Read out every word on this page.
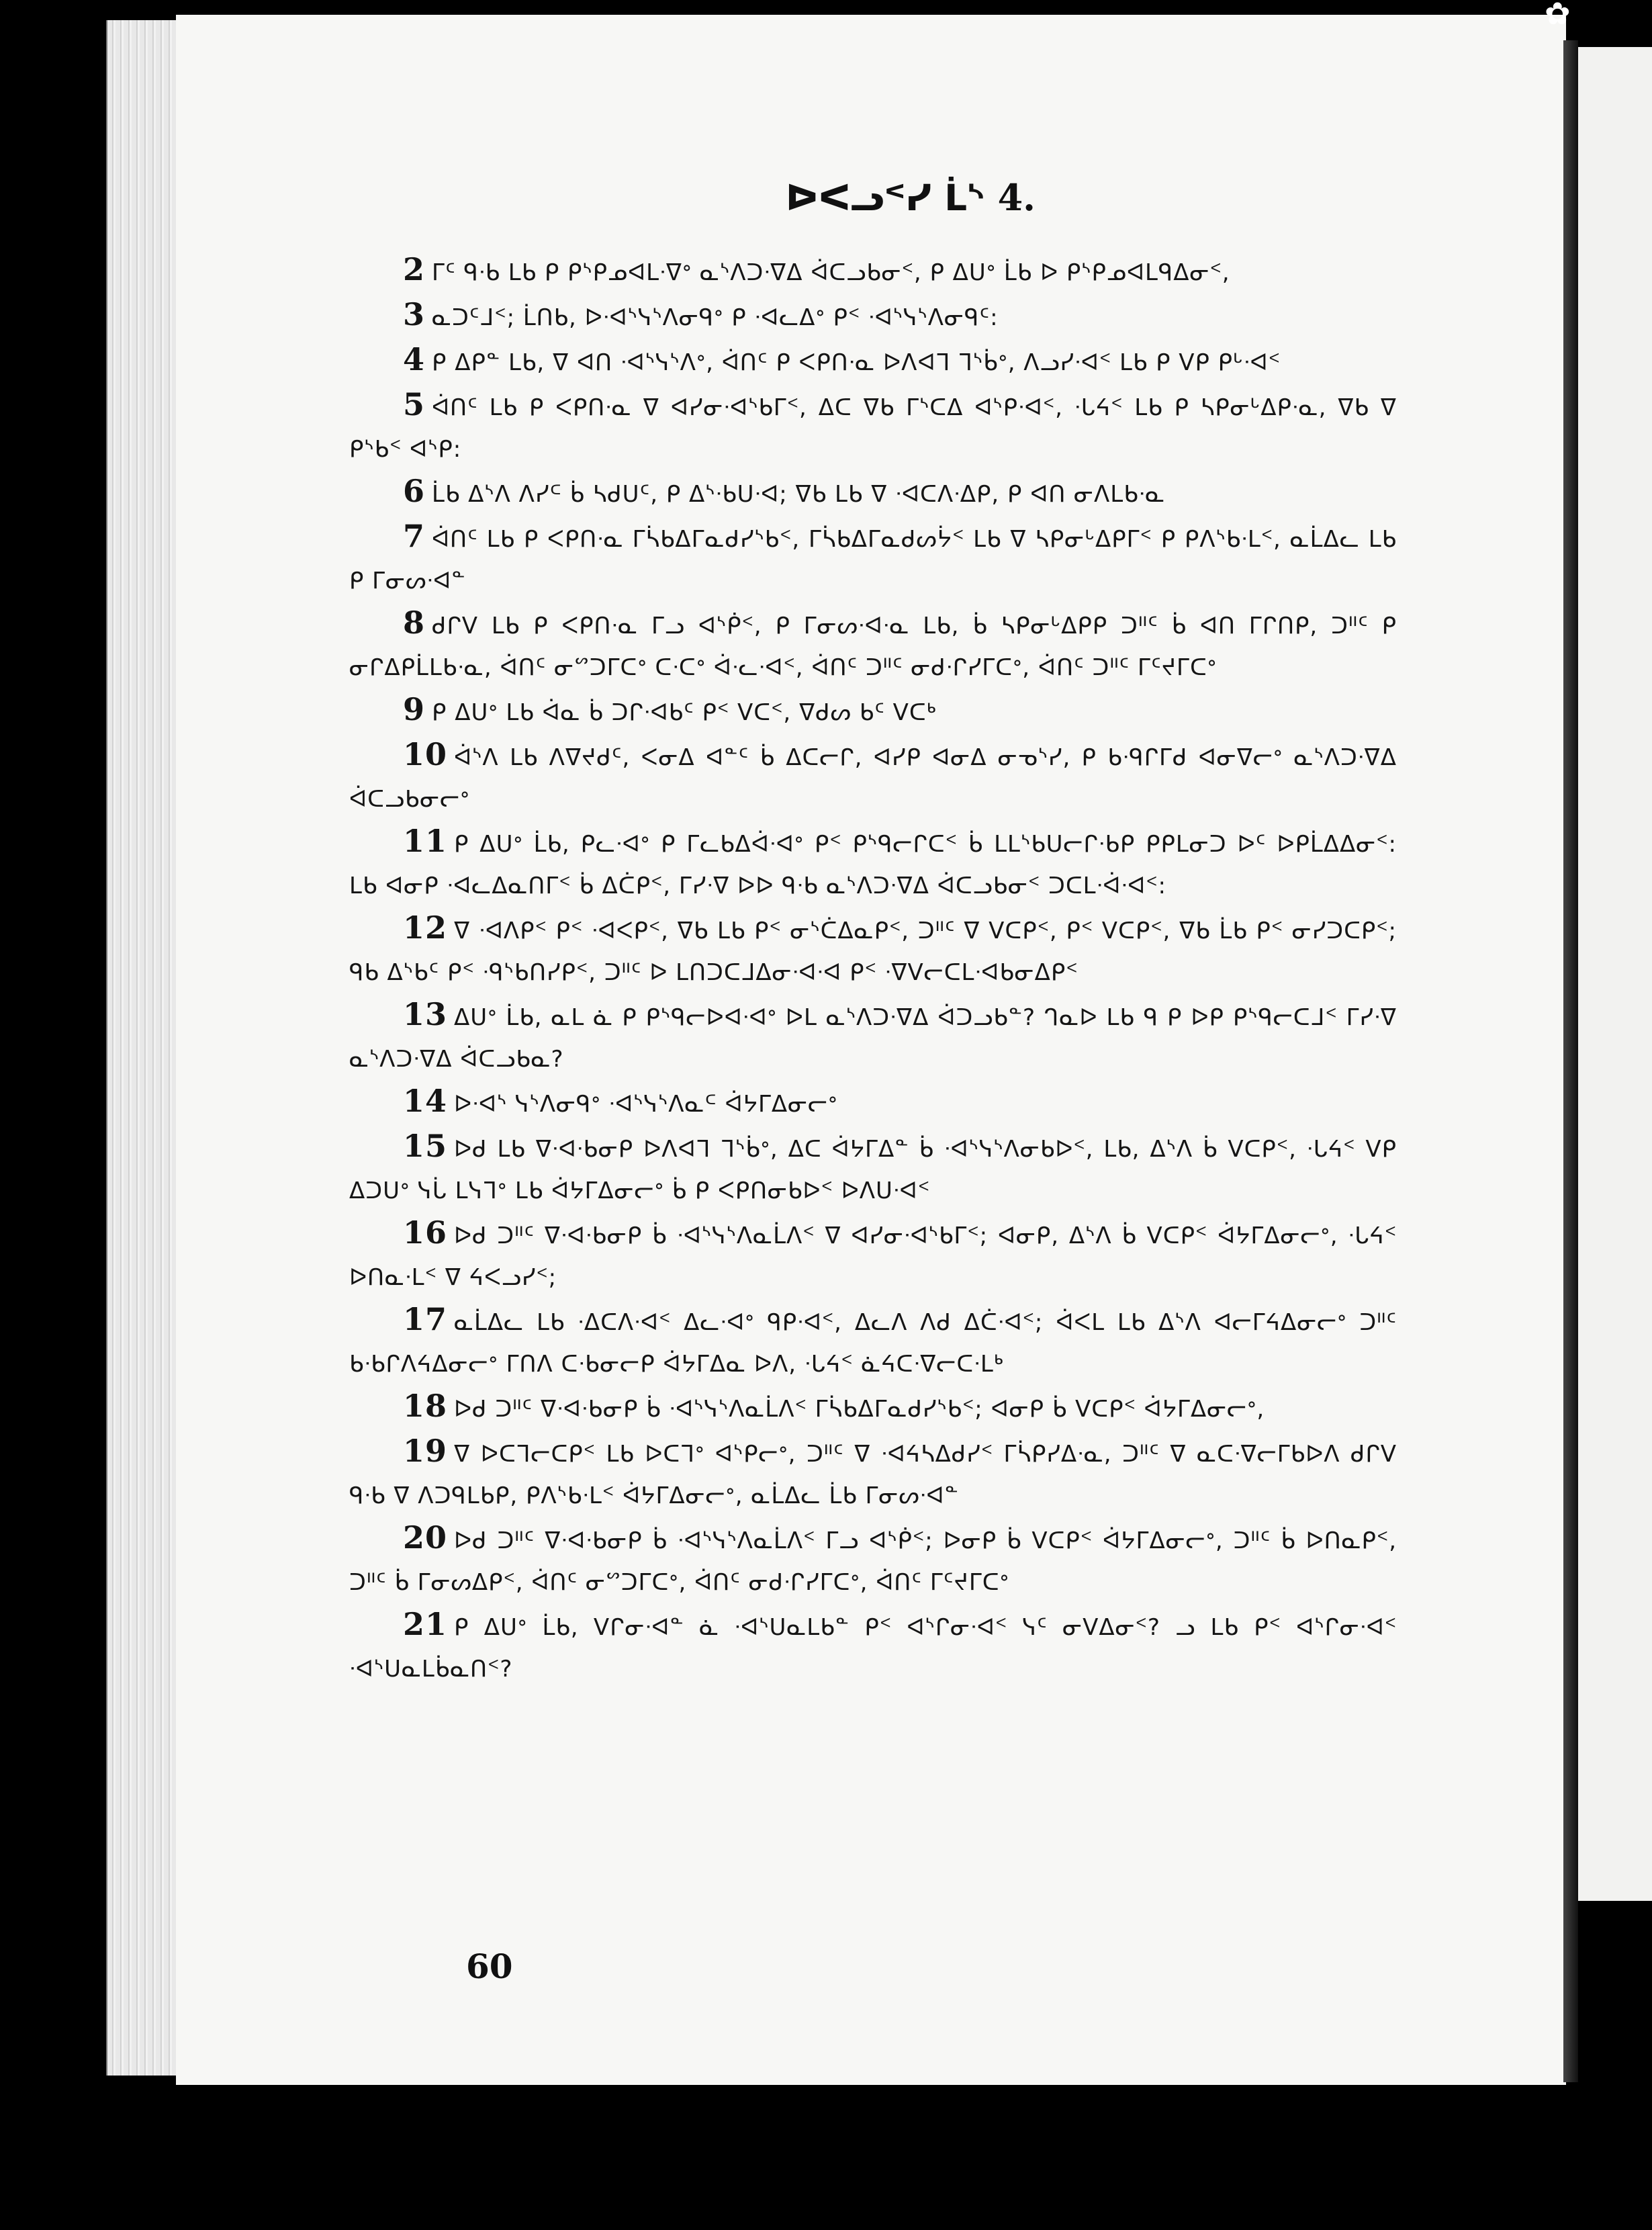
✿
ᐅᐸᓗᑉᓯ ᒫᔅ 4.

2 ᒥᑦ ᑫᐧᑲ ᒪᑲ ᑭ ᑭᔅᑭᓄᐊᒪᐧᐁᐤ ᓇᔅᐱᑐᐧᐁᐃ ᐋᑕᓗᑲᓂᑉ, ᑭ ᐃᑌᐤ ᒫᑲ ᐅ ᑭᔅᑭᓄᐊᒪᑫᐃᓂᑉ,

3 ᓇᑐᑦᒧᑉ; ᒫᑎᑲ, ᐅᐧᐊᔅᓭᔅᐱᓂᑫᐤ ᑭ ᐧᐊᓚᐃᐤ ᑭᑉ ᐧᐊᔅᓭᔅᐱᓂᑫᑦ:

4 ᑭ ᐃᑭᓐ ᒪᑲ, ᐁ ᐊᑎ ᐧᐊᔅᓭᔅᐱᐤ, ᐋᑎᑦ ᑭ ᐸᑭᑎᐧᓇ ᐅᐱᐊᒣ ᒣᔅᑳᐤ, ᐱᓗᓯᐧᐊᑉ ᒪᑲ ᑭ ᐯᑭ ᑭᒡᐧᐊᑉ

5 ᐋᑎᑦ ᒪᑲ ᑭ ᐸᑭᑎᐧᓇ ᐁ ᐊᓯᓂᐧᐊᔅᑲᒥᑉ, ᐃᑕ ᐁᑲ ᒥᔅᑕᐃ ᐊᔅᑭᐧᐊᑉ, ᐧᒐᔦᑉ ᒪᑲ ᑭ ᓴᑭᓂᒡᐃᑭᐧᓇ, ᐁᑲ ᐁ ᑭᔅᑲᑉ ᐊᔅᑭ:

6 ᒫᑲ ᐃᔅᐱ ᐱᓯᒼ ᑳ ᓴᑯᑌᑦ, ᑭ ᐃᔅᐧᑲᑌᐧᐊ; ᐁᑲ ᒪᑲ ᐁ ᐧᐊᑕᐱᐧᐃᑭ, ᑭ ᐊᑎ ᓂᐱᒪᑲᐧᓇ

7 ᐋᑎᑦ ᒪᑲ ᑭ ᐸᑭᑎᐧᓇ ᒥᓵᑲᐃᒥᓇᑯᓯᔅᑲᑉ, ᒥᓵᑲᐃᒥᓇᑯᔕᔮᑉ ᒪᑲ ᐁ ᓴᑭᓂᒡᐃᑭᒥᑉ ᑭ ᑭᐱᔅᑲᐧᒪᑉ, ᓇᒫᐃᓚ ᒪᑲ ᑭ ᒥᓂᔕᐧᐊᓐ

8 ᑯᒋᐯ ᒪᑲ ᑭ ᐸᑭᑎᐧᓇ ᒥᓗ ᐊᔅᑮᑉ, ᑭ ᒥᓂᔕᐧᐊᐧᓇ ᒪᑲ, ᑳ ᓴᑭᓂᒡᐃᑭᑭ ᑐᐦᑦ ᑳ ᐊᑎ ᒥᒋᑎᑭ, ᑐᐦᑦ ᑭ ᓂᒋᐃᑭᒫᒪᑲᐧᓇ, ᐋᑎᑦ ᓂᔥᑐᒥᑕᐤ ᑕᐧᑕᐤ ᐋᐧᓚᐧᐊᑉ, ᐋᑎᑦ ᑐᐦᑦ ᓂᑯᐧᒋᓯᒥᑕᐤ, ᐋᑎᑦ ᑐᐦᑦ ᒥᑦᔪᒥᑕᐤ

9 ᑭ ᐃᑌᐤ ᒪᑲ ᐋᓇ ᑳ ᑐᒋᐧᐊᑲᑦ ᑭᑉ ᐯᑕᑉ, ᐁᑯᔕ ᑲᑦ ᐯᑕᒃ

10 ᐋᔅᐱ ᒪᑲ ᐱᐁᔪᑯᑦ, ᐸᓂᐃ ᐊᓐᑦ ᑳ ᐃᑕᓕᒋ, ᐊᓯᑭ ᐊᓂᐃ ᓂᓀᔅᓯ, ᑭ ᑲᐧᑫᒋᒥᑯ ᐊᓂᐁᓕᐤ ᓇᔅᐱᑐᐧᐁᐃ ᐋᑕᓗᑲᓂᓕᐤ

11 ᑭ ᐃᑌᐤ ᒫᑲ, ᑭᓚᐧᐊᐤ ᑭ ᒥᓚᑲᐃᐋᐧᐊᐤ ᑭᑉ ᑭᔅᑫᓕᒋᑕᑉ ᑳ ᒪᒪᔅᑲᑌᓕᒋᐧᑲᑭ ᑭᑭᒪᓂᑐ ᐅᑦ ᐅᑭᒫᐃᐃᓂᑉ: ᒪᑲ ᐊᓂᑭ ᐧᐊᓚᐃᓇᑎᒥᑉ ᑳ ᐃᑖᑭᑉ, ᒥᓯᐧᐁ ᐅᐅ ᑫᐧᑲ ᓇᔅᐱᑐᐧᐁᐃ ᐋᑕᓗᑲᓂᑉ ᑐᑕᒪᐧᐋᐧᐊᑉ:

12 ᐁ ᐧᐊᐱᑭᑉ ᑭᑉ ᐧᐊᐸᑭᑉ, ᐁᑲ ᒪᑲ ᑭᑉ ᓂᔅᑖᐃᓇᑭᑉ, ᑐᐦᑦ ᐁ ᐯᑕᑭᑉ, ᑭᑉ ᐯᑕᑭᑉ, ᐁᑲ ᒫᑲ ᑭᑉ ᓂᓯᑐᑕᑭᑉ; ᑫᑲ ᐃᔅᑲᑦ ᑭᑉ ᐧᑫᔅᑲᑎᓯᑭᑉ, ᑐᐦᑦ ᐅ ᒪᑎᑐᑕᒧᐃᓂᐧᐊᐧᐊ ᑭᑉ ᐧᐁᐯᓕᑕᒪᐧᐊᑲᓂᐃᑭᑉ

13 ᐃᑌᐤ ᒫᑲ, ᓇᒪ ᓈ ᑭ ᑭᔅᑫᓕᐅᐊᐧᐊᐤ ᐅᒪ ᓇᔅᐱᑐᐧᐁᐃ ᐋᑐᓗᑲᓐ? ᒉᓇᐅ ᒪᑲ ᑫ ᑭ ᐅᑭ ᑭᔅᑫᓕᑕᒧᑉ ᒥᓯᐧᐁ ᓇᔅᐱᑐᐧᐁᐃ ᐋᑕᓗᑲᓇ?

14 ᐅᐧᐊᔅ ᓭᔅᐱᓂᑫᐤ ᐧᐊᔅᓭᔅᐱᓇᒼ ᐋᔭᒥᐃᓂᓕᐤ

15 ᐅᑯ ᒪᑲ ᐁᐧᐊᐧᑲᓂᑭ ᐅᐱᐊᒣ ᒣᔅᑳᐤ, ᐃᑕ ᐋᔭᒥᐃᓐ ᑳ ᐧᐊᔅᓭᔅᐱᓂᑲᐅᑉ, ᒪᑲ, ᐃᔅᐱ ᑳ ᐯᑕᑭᑉ, ᐧᒐᔦᑉ ᐯᑭ ᐃᑐᑌᐤ ᓭᒑ ᒪᓭᒣᐤ ᒪᑲ ᐋᔭᒥᐃᓂᓕᐤ ᑳ ᑭ ᐸᑭᑎᓂᑲᐅᑉ ᐅᐱᑌᐧᐊᑉ

16 ᐅᑯ ᑐᐦᑦ ᐁᐧᐊᐧᑲᓂᑭ ᑳ ᐧᐊᔅᓭᔅᐱᓇᒫᐱᑉ ᐁ ᐊᓯᓂᐧᐊᔅᑲᒥᑉ; ᐊᓂᑭ, ᐃᔅᐱ ᑳ ᐯᑕᑭᑉ ᐋᔭᒥᐃᓂᓕᐤ, ᐧᒐᔦᑉ ᐅᑎᓇᐧᒪᑉ ᐁ ᔦᐸᓗᓯᑉ;

17 ᓇᒫᐃᓚ ᒪᑲ ᐧᐃᑕᐱᐧᐊᑉ ᐃᓚᐧᐊᐤ ᑫᑭᐧᐊᑉ, ᐃᓚᐱ ᐱᑯ ᐃᑖᐧᐊᑉ; ᐋᐸᒪ ᒪᑲ ᐃᔅᐱ ᐊᓕᒥᔦᐃᓂᓕᐤ ᑐᐦᑦ ᑲᐧᑲᒋᐱᔦᐃᓂᓕᐤ ᒥᑎᐱ ᑕᐧᑲᓂᓕᑭ ᐋᔭᒥᐃᓇ ᐅᐱ, ᐧᒐᔦᑉ ᓈᔦᑕᐧᐁᓕᑕᐧᒪᒃ

18 ᐅᑯ ᑐᐦᑦ ᐁᐧᐊᐧᑲᓂᑭ ᑳ ᐧᐊᔅᓭᔅᐱᓇᒫᐱᑉ ᒥᓵᑲᐃᒥᓇᑯᓯᔅᑲᑉ; ᐊᓂᑭ ᑳ ᐯᑕᑭᑉ ᐋᔭᒥᐃᓂᓕᐤ,

19 ᐁ ᐅᑕᒣᓕᑕᑭᑉ ᒪᑲ ᐅᑕᒣᐤ ᐊᔅᑭᓕᐤ, ᑐᐦᑦ ᐁ ᐧᐊᔦᓴᐃᑯᓯᑉ ᒥᓵᑭᓯᐃᐧᓇ, ᑐᐦᑦ ᐁ ᓇᑕᐧᐁᓕᒥᑲᐅᐱ ᑯᒋᐯ ᑫᐧᑲ ᐁ ᐱᑐᑫᒪᑲᑭ, ᑭᐱᔅᑲᐧᒪᑉ ᐋᔭᒥᐃᓂᓕᐤ, ᓇᒫᐃᓚ ᒫᑲ ᒥᓂᔕᐧᐊᓐ

20 ᐅᑯ ᑐᐦᑦ ᐁᐧᐊᐧᑲᓂᑭ ᑳ ᐧᐊᔅᓭᔅᐱᓇᒫᐱᑉ ᒥᓗ ᐊᔅᑮᑉ; ᐅᓂᑭ ᑳ ᐯᑕᑭᑉ ᐋᔭᒥᐃᓂᓕᐤ, ᑐᐦᑦ ᑳ ᐅᑎᓇᑭᑉ, ᑐᐦᑦ ᑳ ᒥᓂᔕᐃᑭᑉ, ᐋᑎᑦ ᓂᔥᑐᒥᑕᐤ, ᐋᑎᑦ ᓂᑯᐧᒋᓯᒥᑕᐤ, ᐋᑎᑦ ᒥᑦᔪᒥᑕᐤ

21 ᑭ ᐃᑌᐤ ᒫᑲ, ᐯᒋᓂᐧᐊᓐ ᓈ ᐧᐊᔅᑌᓇᒪᑲᓐ ᑭᑉ ᐊᔅᒋᓂᐧᐊᑉ ᓭᑦ ᓂᐯᐃᓂᑉ? ᓗ ᒪᑲ ᑭᑉ ᐊᔅᒋᓂᐧᐊᑉ ᐧᐊᔅᑌᓇᒪᑳᓇᑎᑉ?

60
